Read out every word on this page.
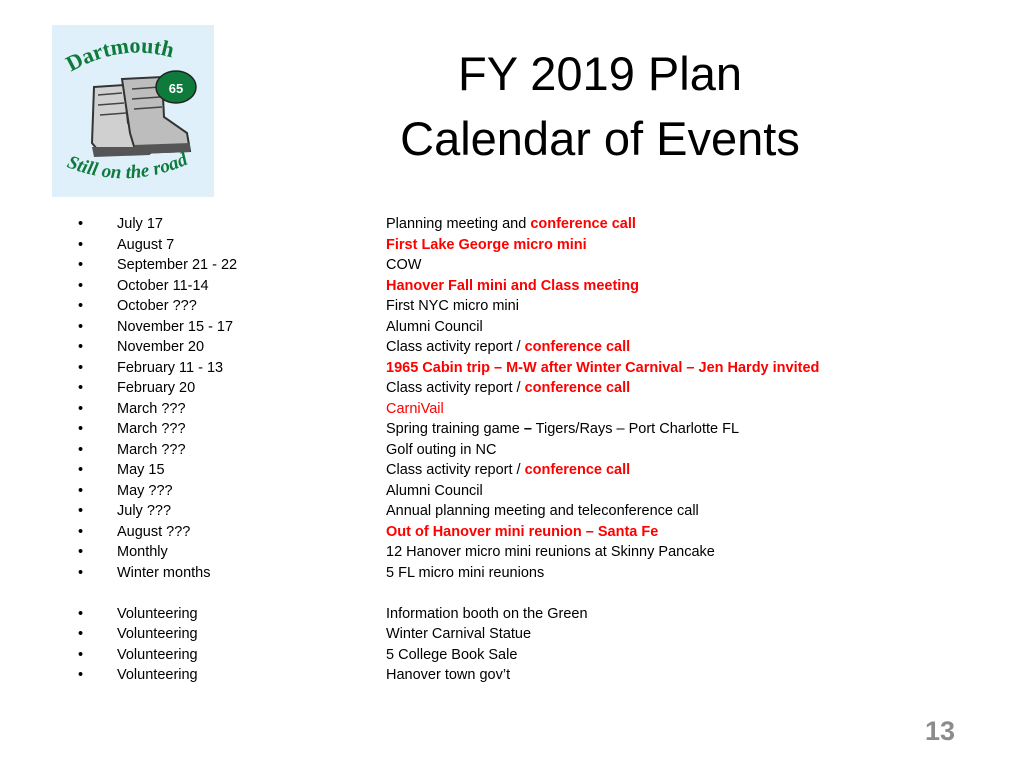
Dartmouth
65
Still on the road
FY 2019 Plan
Calendar of Events
•	July 17	Planning meeting and conference call
•	August 7	First Lake George micro mini
•	September 21 - 22	COW
•	October 11-14	Hanover Fall mini and Class meeting
•	October ???	First NYC micro mini
•	November 15 - 17	Alumni Council
•	November 20	Class activity report / conference call
•	February 11 - 13	1965 Cabin trip – M-W after Winter Carnival – Jen Hardy invited
•	February 20	Class activity report / conference call
•	March ???	CarniVail
•	March ???	Spring training game – Tigers/Rays – Port Charlotte FL
•	March ???	Golf outing in NC
•	May 15	Class activity report / conference call
•	May ???	Alumni Council
•	July ???	Annual planning meeting and teleconference call
•	August ???	Out of Hanover mini reunion – Santa Fe
•	Monthly	12 Hanover micro mini reunions at Skinny Pancake
•	Winter months	5 FL micro mini reunions
•	Volunteering	Information booth on the Green
•	Volunteering	Winter Carnival Statue
•	Volunteering	5 College Book Sale
•	Volunteering	Hanover town gov’t
13
